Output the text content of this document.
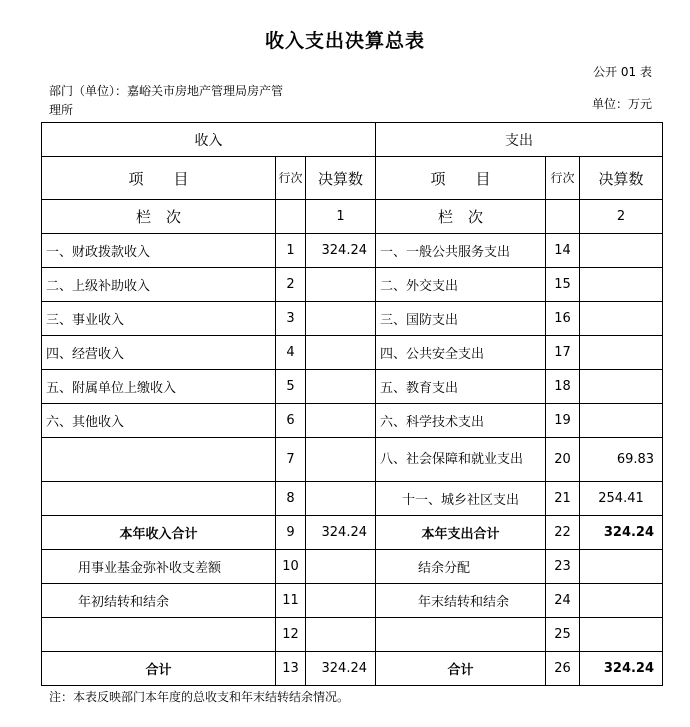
收入支出决算总表
公开 01 表
部门（单位）：嘉峪关市房地产管理局房产管理所	单位：万元
收入			支出		
项　　目	行次	决算数	项　　目	行次	决算数
栏　次		1	栏　次		2
一、财政拨款收入	1	324.24	一、一般公共服务支出	14	
二、上级补助收入	2		二、外交支出	15	
三、事业收入	3		三、国防支出	16	
四、经营收入	4		四、公共安全支出	17	
五、附属单位上缴收入	5		五、教育支出	18	
六、其他收入	6		六、科学技术支出	19	
	7		八、社会保障和就业支出	20	69.83
	8		十一、城乡社区支出	21	254.41
本年收入合计	9	324.24	本年支出合计	22	324.24
用事业基金弥补收支差额	10		结余分配	23	
年初结转和结余	11		年末结转和结余	24	
	12			25	
合计	13	324.24	合计	26	324.24
注：本表反映部门本年度的总收支和年末结转结余情况。
